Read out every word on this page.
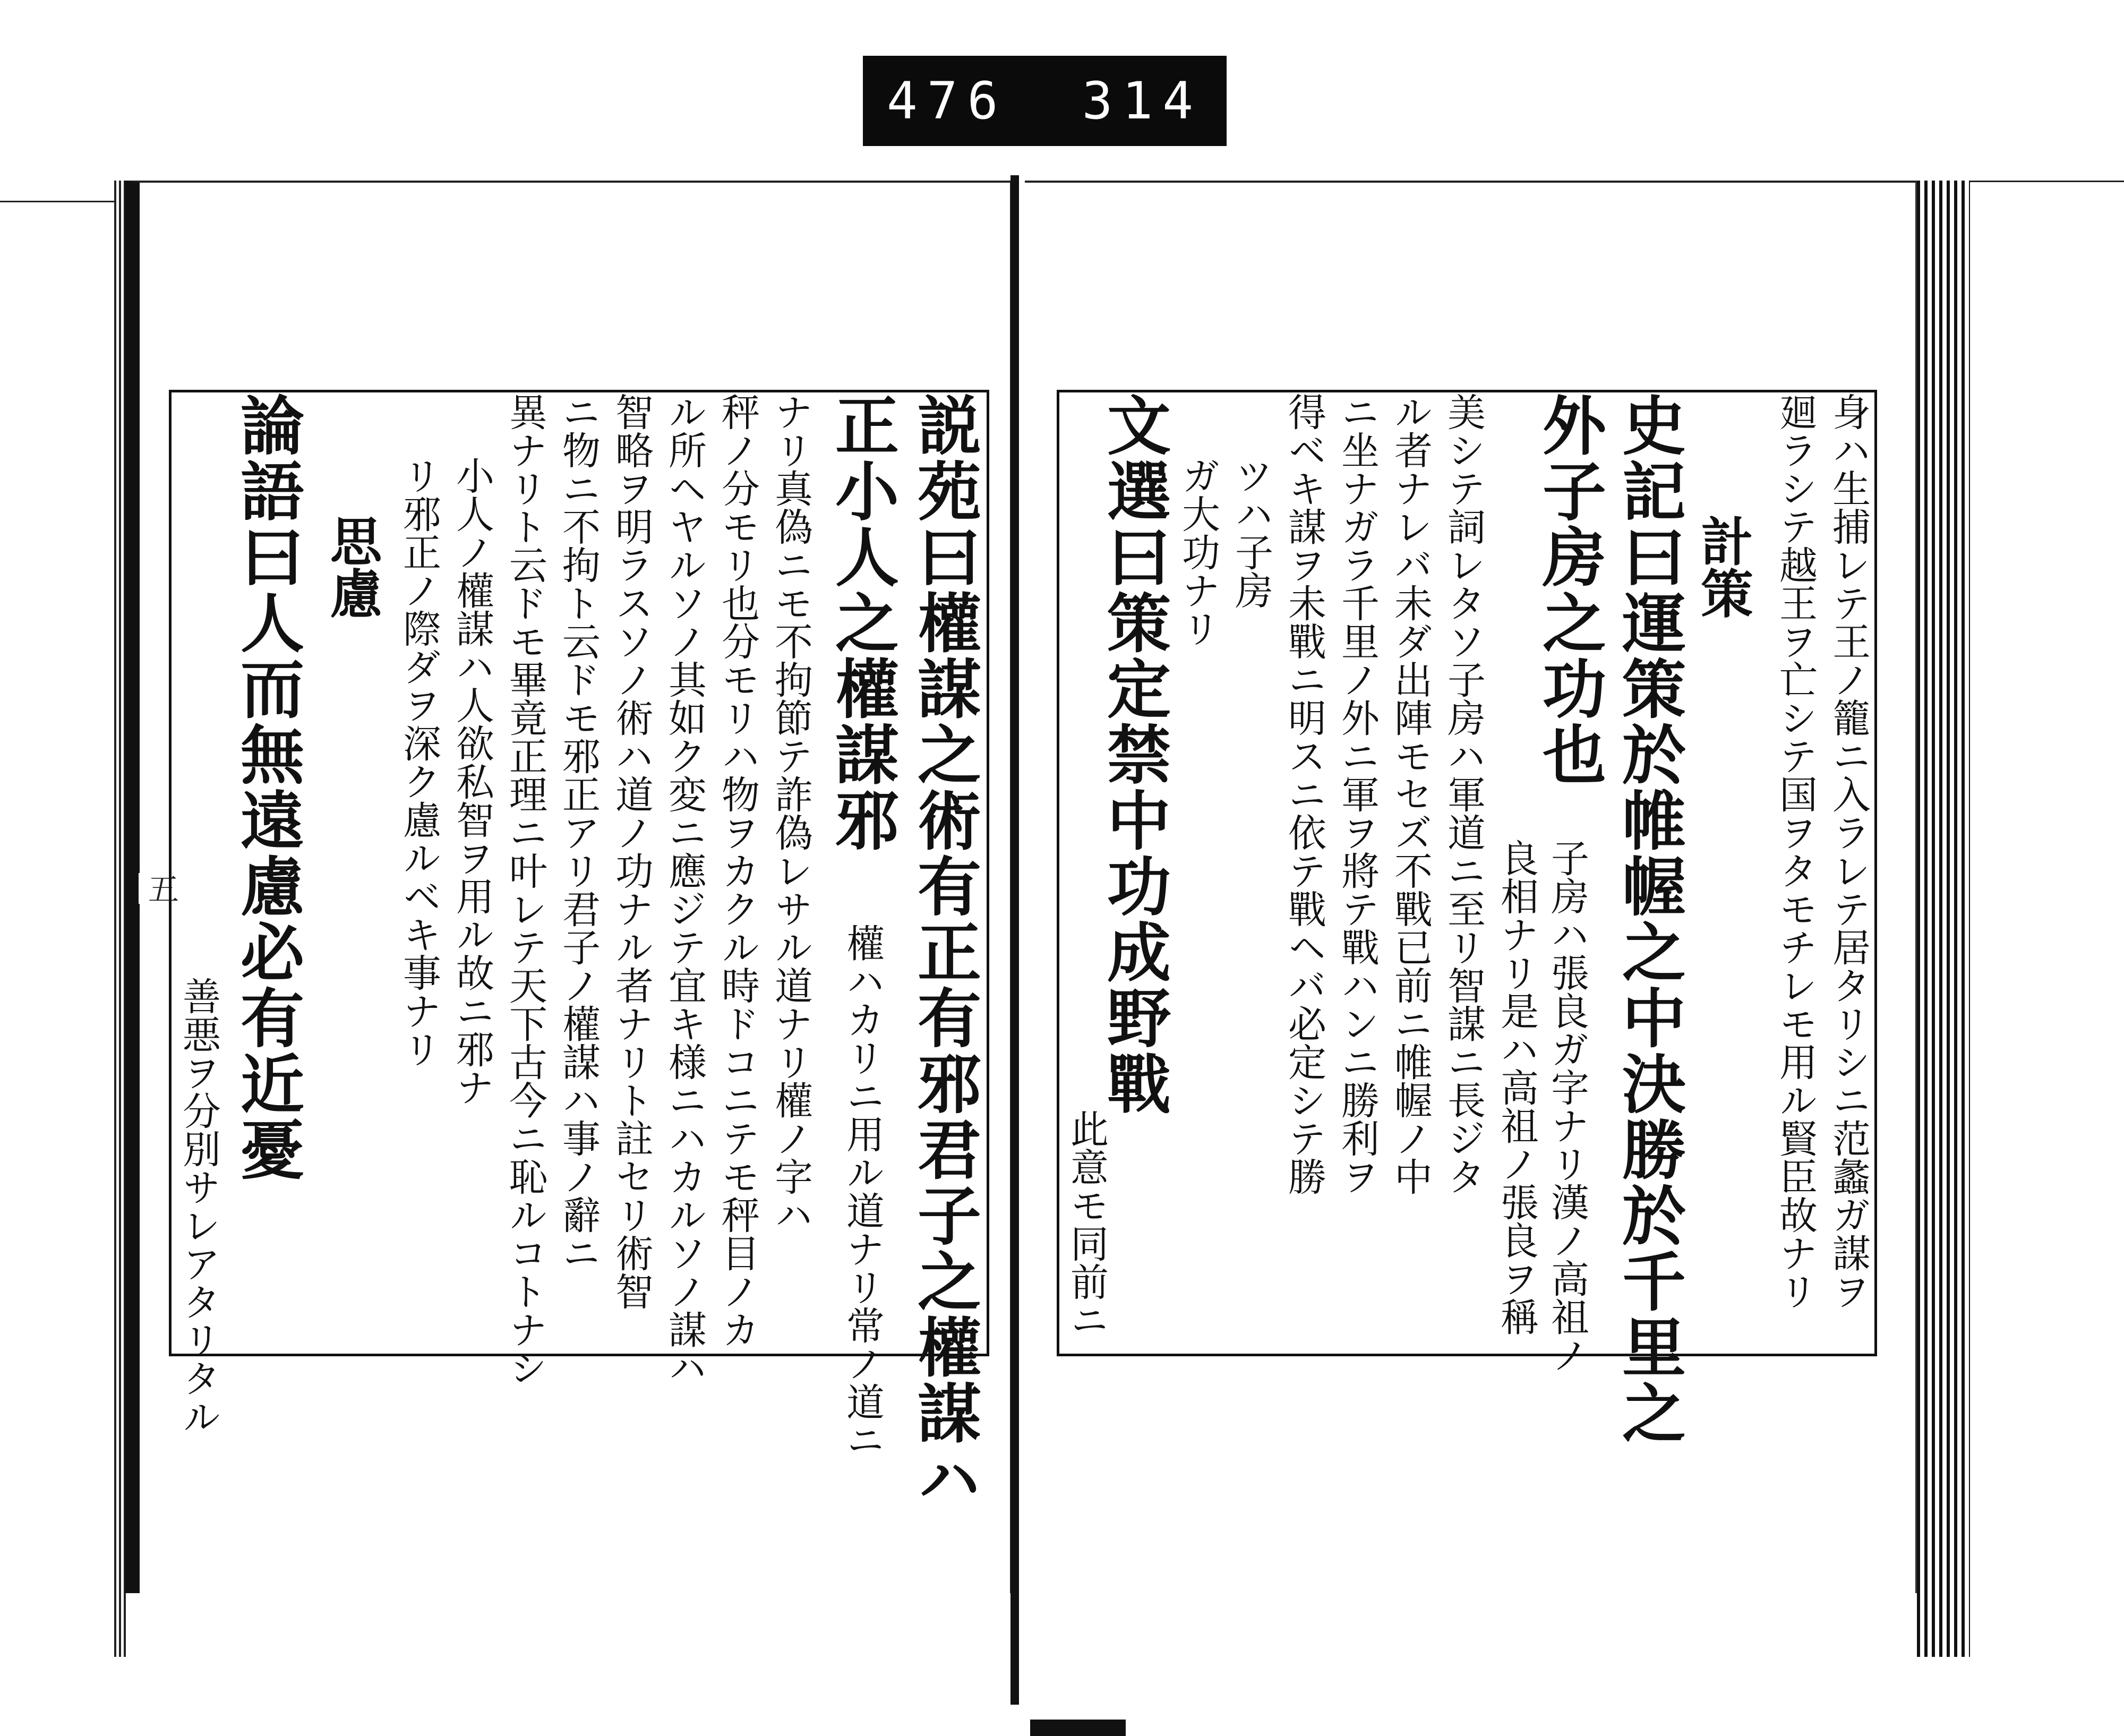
476 314
五	説苑曰權謀之術有正有邪君子之權謀ハ
正小人之權謀邪
權ハカリニ用ル道ナリ常ノ道ニ
ナリ真偽ニモ不拘節テ詐偽レサル道ナリ權ノ字ハ
秤ノ分モリ也分モリハ物ヲカクル時ドコニテモ秤目ノカ
ル所ヘヤルソノ其如ク変ニ應ジテ宜キ様ニハカルソノ謀ハ
智略ヲ明ラスソノ術ハ道ノ功ナル者ナリト註セリ術智
ニ物ニ不拘ト云ドモ邪正アリ君子ノ權謀ハ事ノ辭ニ
異ナリト云ドモ畢竟正理ニ叶レテ天下古今ニ恥ルコトナシ
小人ノ權謀ハ人欲私智ヲ用ル故ニ邪ナ
リ邪正ノ際ダヲ深ク慮ルベキ事ナリ
思慮
論語曰人而無遠慮必有近憂
善悪ヲ分別サレアタリタル	身ハ生捕レテ王ノ籠ニ入ラレテ居タリシニ范蠡ガ謀ヲ
廻ラシテ越王ヲ亡シテ国ヲタモチレモ用ル賢臣故ナリ
計策
史記曰運策於帷幄之中決勝於千里之
外子房之功也
子房ハ張良ガ字ナリ漢ノ高祖ノ
良相ナリ是ハ高祖ノ張良ヲ稱
美シテ詞レタソ子房ハ軍道ニ至リ智謀ニ長ジタ
ル者ナレバ未ダ出陣モセズ不戰已前ニ帷幄ノ中
ニ坐ナガラ千里ノ外ニ軍ヲ將テ戰ハンニ勝利ヲ
得ベキ謀ヲ未戰ニ明スニ依テ戰ヘバ必定シテ勝
ツハ子房
ガ大功ナリ
文選曰策定禁中功成野戰
此意モ同前ニ
